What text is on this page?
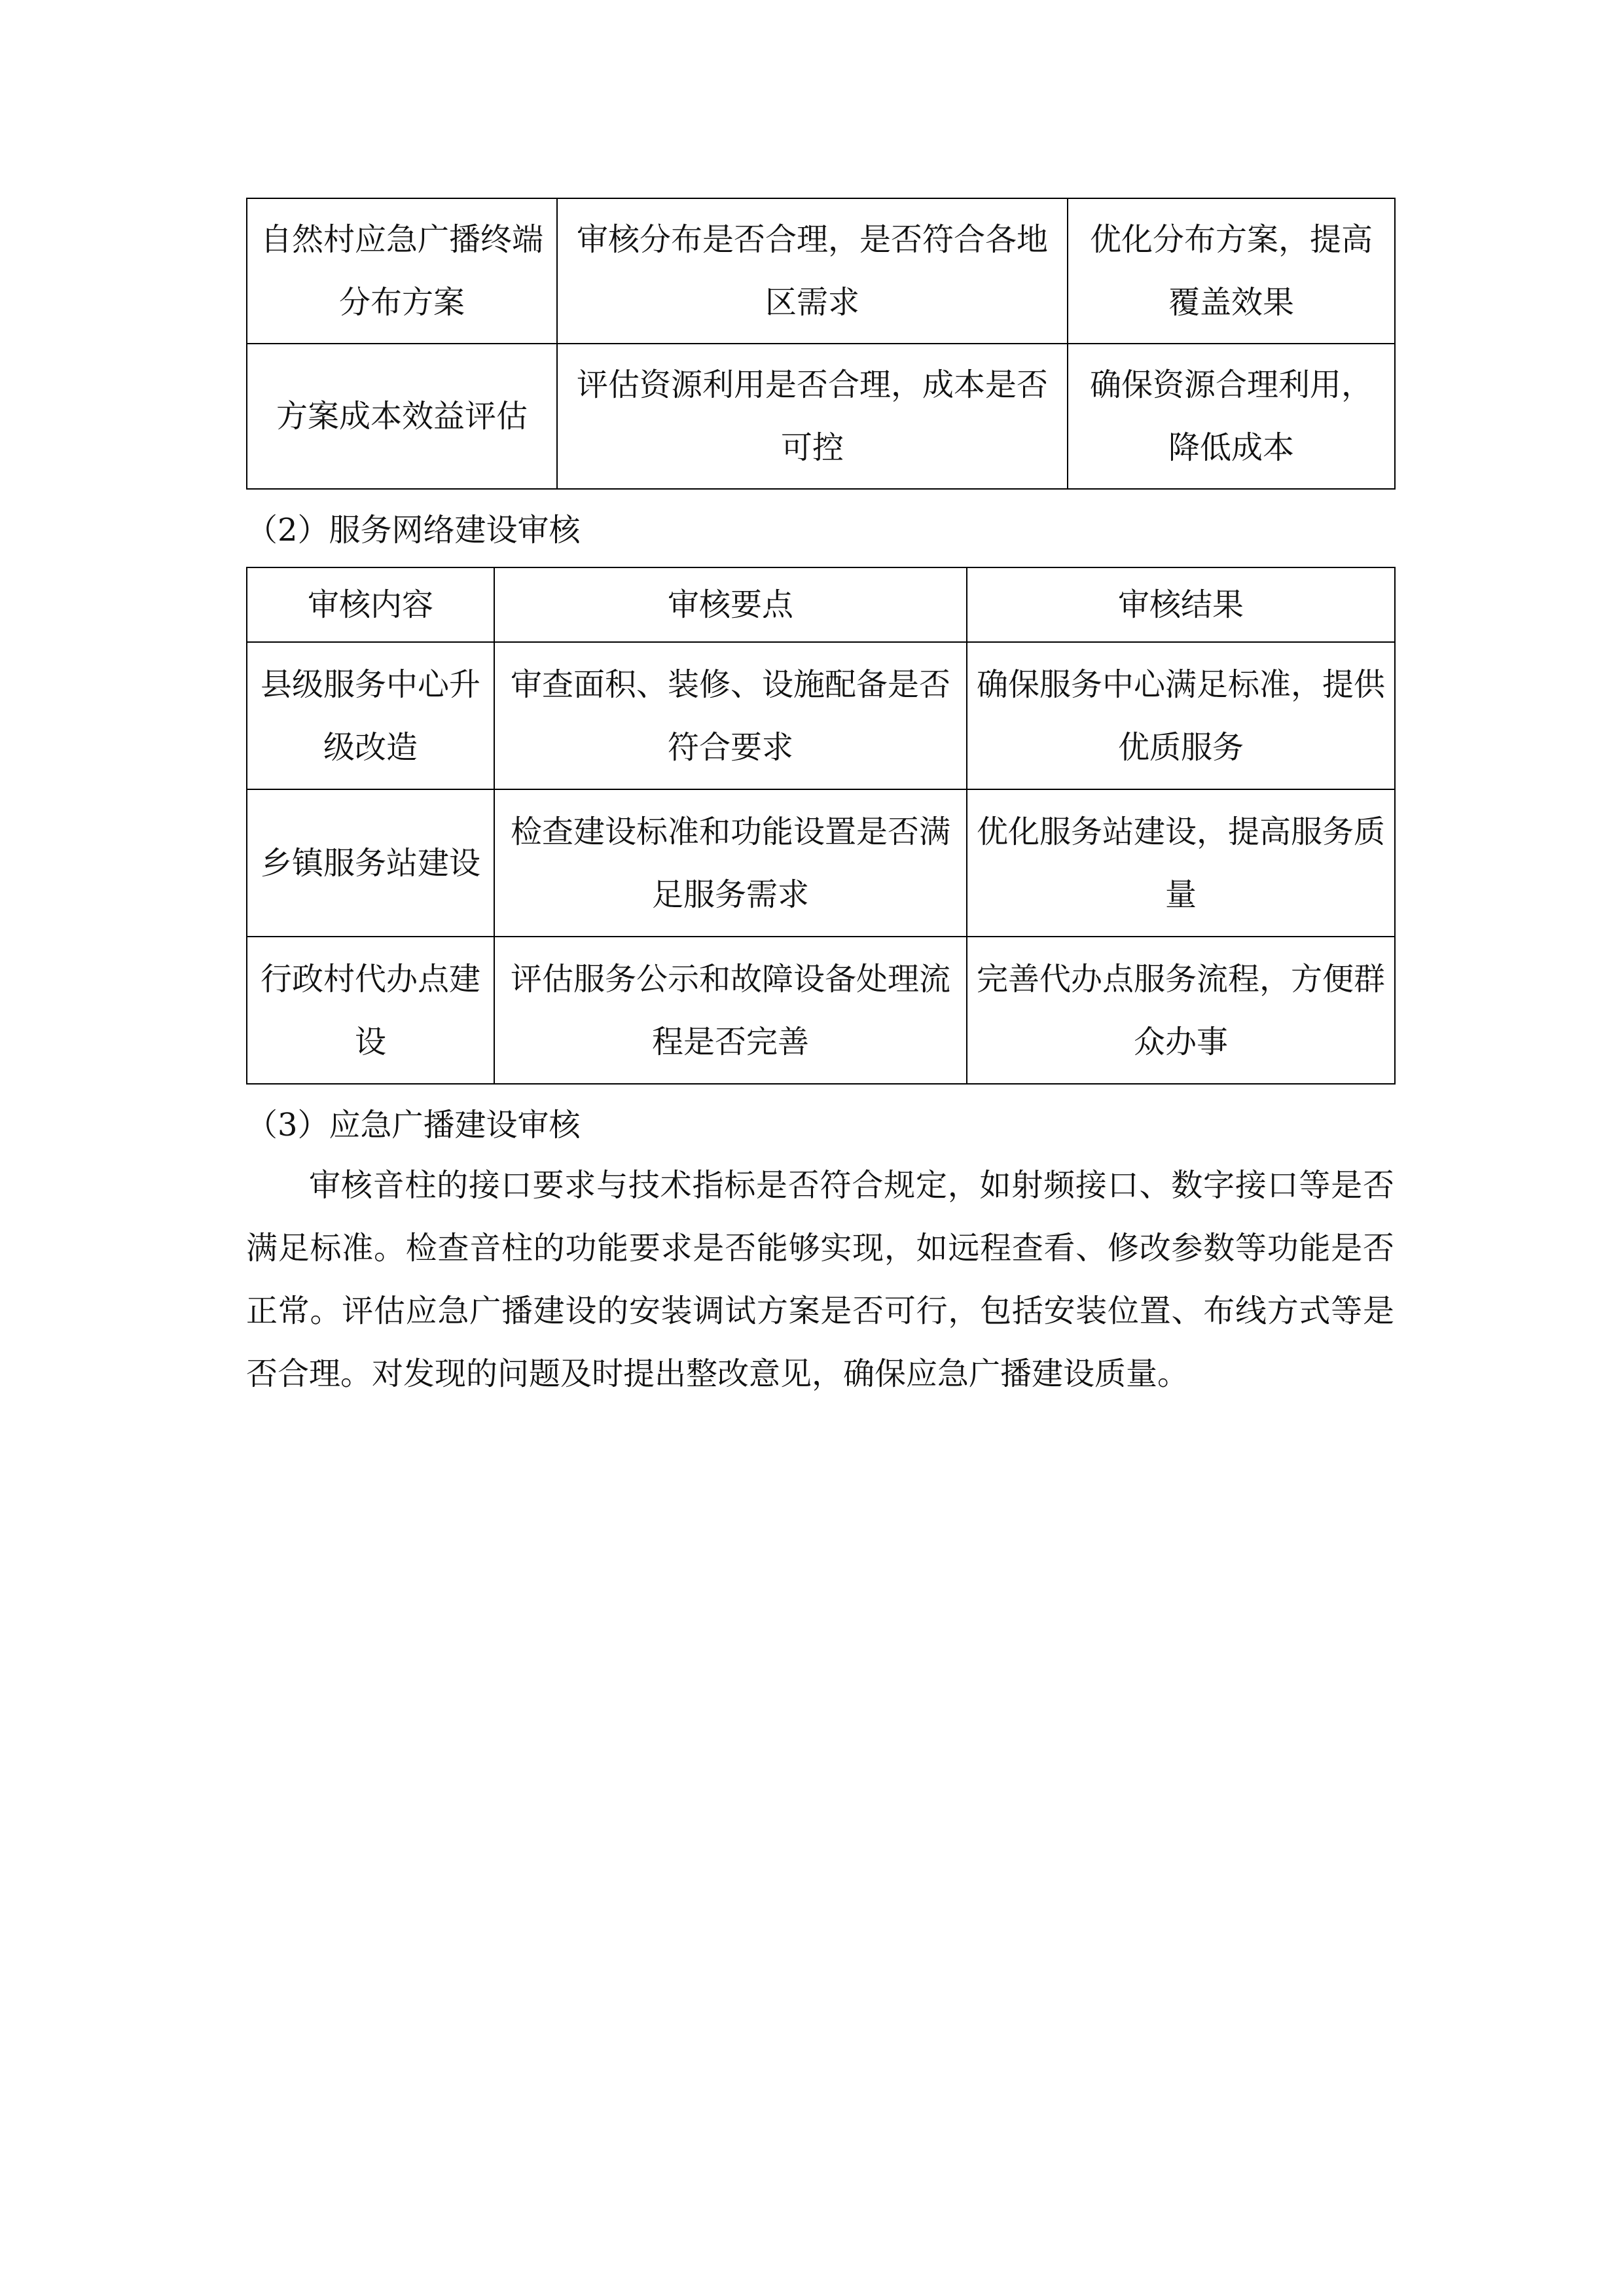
自然村应急广播终端分布方案	审核分布是否合理，是否符合各地区需求	优化分布方案，提高覆盖效果
方案成本效益评估	评估资源利用是否合理，成本是否可控	确保资源合理利用，降低成本
（2）服务网络建设审核
审核内容	审核要点	审核结果
县级服务中心升级改造	审查面积、装修、设施配备是否符合要求	确保服务中心满足标准，提供优质服务
乡镇服务站建设	检查建设标准和功能设置是否满足服务需求	优化服务站建设，提高服务质量
行政村代办点建设	评估服务公示和故障设备处理流程是否完善	完善代办点服务流程，方便群众办事
（3）应急广播建设审核

审核音柱的接口要求与技术指标是否符合规定，如射频接口、数字接口等是否满足标准。检查音柱的功能要求是否能够实现，如远程查看、修改参数等功能是否正常。评估应急广播建设的安装调试方案是否可行，包括安装位置、布线方式等是否合理。对发现的问题及时提出整改意见，确保应急广播建设质量。
